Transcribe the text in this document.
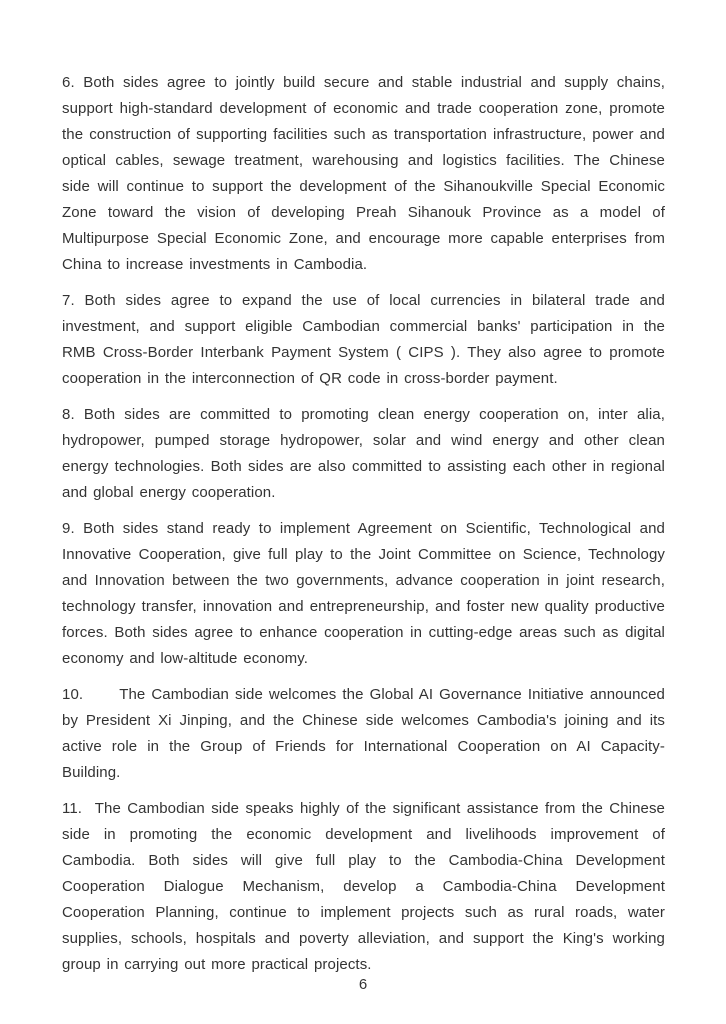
6. Both sides agree to jointly build secure and stable industrial and supply chains, support high-standard development of economic and trade cooperation zone, promote the construction of supporting facilities such as transportation infrastructure, power and optical cables, sewage treatment, warehousing and logistics facilities. The Chinese side will continue to support the development of the Sihanoukville Special Economic Zone toward the vision of developing Preah Sihanouk Province as a model of Multipurpose Special Economic Zone, and encourage more capable enterprises from China to increase investments in Cambodia.

7. Both sides agree to expand the use of local currencies in bilateral trade and investment, and support eligible Cambodian commercial banks' participation in the RMB Cross-Border Interbank Payment System ( CIPS ). They also agree to promote cooperation in the interconnection of QR code in cross-border payment.

8. Both sides are committed to promoting clean energy cooperation on, inter alia, hydropower, pumped storage hydropower, solar and wind energy and other clean energy technologies. Both sides are also committed to assisting each other in regional and global energy cooperation.

9. Both sides stand ready to implement Agreement on Scientific, Technological and Innovative Cooperation, give full play to the Joint Committee on Science, Technology and Innovation between the two governments, advance cooperation in joint research, technology transfer, innovation and entrepreneurship, and foster new quality productive forces. Both sides agree to enhance cooperation in cutting-edge areas such as digital economy and low-altitude economy.

10.      The Cambodian side welcomes the Global AI Governance Initiative announced by President Xi Jinping, and the Chinese side welcomes Cambodia's joining and its active role in the Group of Friends for International Cooperation on AI Capacity-Building.

11.  The Cambodian side speaks highly of the significant assistance from the Chinese side in promoting the economic development and livelihoods improvement of Cambodia. Both sides will give full play to the Cambodia-China Development Cooperation Dialogue Mechanism, develop a Cambodia-China Development Cooperation Planning, continue to implement projects such as rural roads, water supplies, schools, hospitals and poverty alleviation, and support the King's working group in carrying out more practical projects.

6
